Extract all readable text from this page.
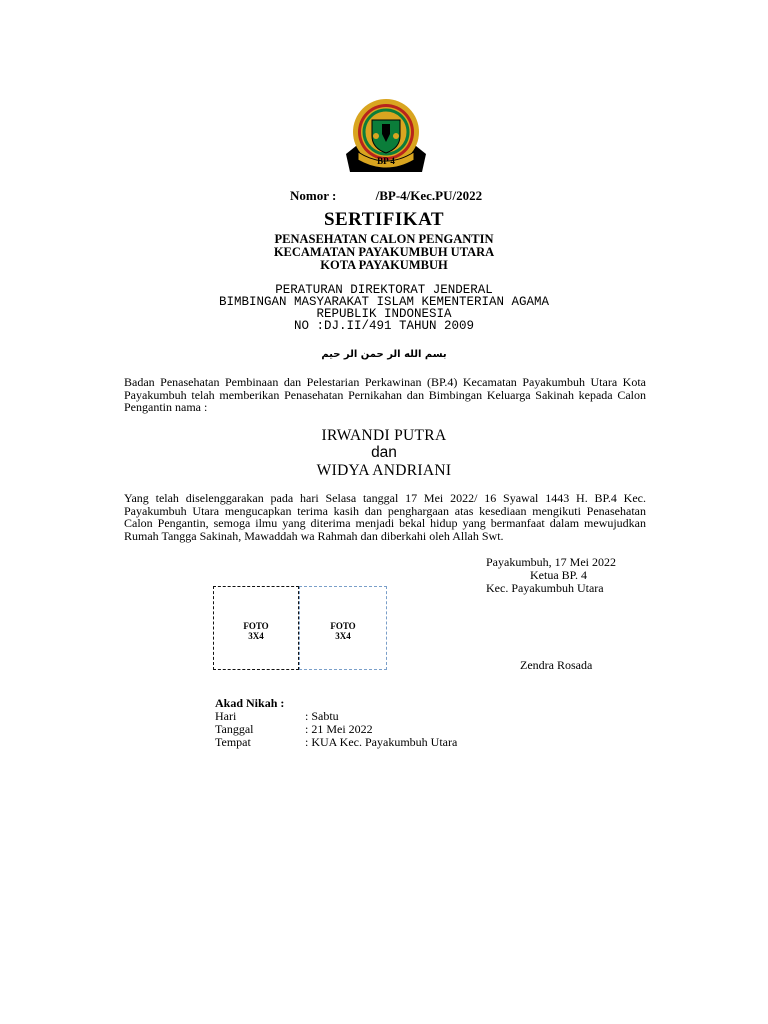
BP 4
Nomor :	/BP-4/Kec.PU/2022
SERTIFIKAT
PENASEHATAN CALON PENGANTIN
KECAMATAN PAYAKUMBUH UTARA
KOTA PAYAKUMBUH
PERATURAN DIREKTORAT JENDERAL
BIMBINGAN MASYARAKAT ISLAM KEMENTERIAN AGAMA
REPUBLIK INDONESIA
NO :DJ.II/491 TAHUN 2009
بسم الله الر حمن الر حيم
Badan Penasehatan Pembinaan dan Pelestarian Perkawinan (BP.4) Kecamatan Payakumbuh Utara Kota Payakumbuh telah memberikan Penasehatan Pernikahan dan Bimbingan Keluarga Sakinah kepada Calon Pengantin nama :
IRWANDI PUTRA
dan
WIDYA ANDRIANI
Yang telah diselenggarakan pada hari Selasa tanggal 17 Mei 2022/ 16 Syawal 1443 H. BP.4 Kec. Payakumbuh Utara mengucapkan terima kasih dan penghargaan atas kesediaan mengikuti Penasehatan Calon Pengantin, semoga ilmu yang diterima menjadi bekal hidup yang bermanfaat dalam mewujudkan Rumah Tangga Sakinah, Mawaddah wa Rahmah dan diberkahi oleh Allah Swt.
Payakumbuh, 17 Mei 2022
Ketua BP. 4
Kec. Payakumbuh Utara
Zendra Rosada
FOTO
3X4
FOTO
3X4
Akad Nikah :
Hari	: Sabtu
Tanggal	: 21 Mei 2022
Tempat	: KUA Kec. Payakumbuh Utara
